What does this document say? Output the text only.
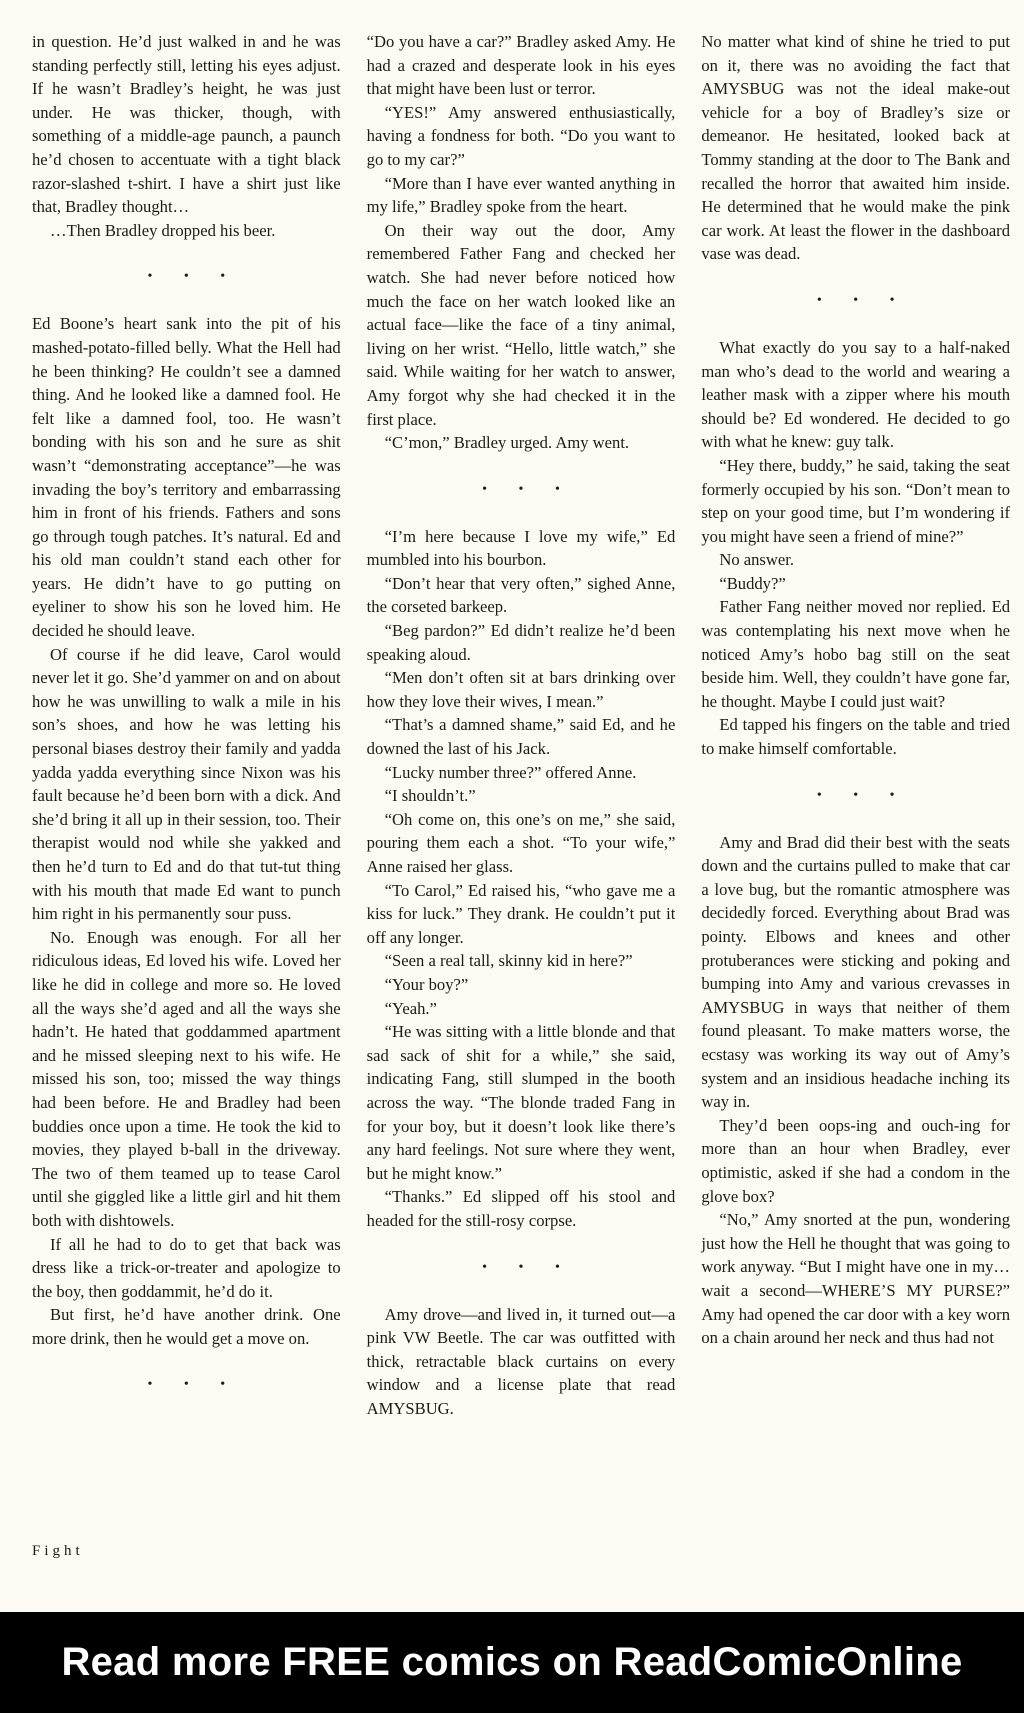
in question. He’d just walked in and he was standing perfectly still, letting his eyes adjust. If he wasn’t Bradley’s height, he was just under. He was thicker, though, with something of a middle-age paunch, a paunch he’d chosen to accentuate with a tight black razor-slashed t-shirt. I have a shirt just like that, Bradley thought…

…Then Bradley dropped his beer.

• • •

Ed Boone’s heart sank into the pit of his mashed-potato-filled belly. What the Hell had he been thinking? He couldn’t see a damned thing. And he looked like a damned fool. He felt like a damned fool, too. He wasn’t bonding with his son and he sure as shit wasn’t “demonstrating acceptance”—he was invading the boy’s territory and embarrassing him in front of his friends. Fathers and sons go through tough patches. It’s natural. Ed and his old man couldn’t stand each other for years. He didn’t have to go putting on eyeliner to show his son he loved him. He decided he should leave.

Of course if he did leave, Carol would never let it go. She’d yammer on and on about how he was unwilling to walk a mile in his son’s shoes, and how he was letting his personal biases destroy their family and yadda yadda yadda everything since Nixon was his fault because he’d been born with a dick. And she’d bring it all up in their session, too. Their therapist would nod while she yakked and then he’d turn to Ed and do that tut-tut thing with his mouth that made Ed want to punch him right in his permanently sour puss.

No. Enough was enough. For all her ridiculous ideas, Ed loved his wife. Loved her like he did in college and more so. He loved all the ways she’d aged and all the ways she hadn’t. He hated that goddammed apartment and he missed sleeping next to his wife. He missed his son, too; missed the way things had been before. He and Bradley had been buddies once upon a time. He took the kid to movies, they played b-ball in the driveway. The two of them teamed up to tease Carol until she giggled like a little girl and hit them both with dishtowels.

If all he had to do to get that back was dress like a trick-or-treater and apologize to the boy, then goddammit, he’d do it.

But first, he’d have another drink. One more drink, then he would get a move on.

• • •

“Do you have a car?” Bradley asked Amy. He had a crazed and desperate look in his eyes that might have been lust or terror.

“YES!” Amy answered enthusiastically, having a fondness for both. “Do you want to go to my car?”

“More than I have ever wanted anything in my life,” Bradley spoke from the heart.

On their way out the door, Amy remembered Father Fang and checked her watch. She had never before noticed how much the face on her watch looked like an actual face—like the face of a tiny animal, living on her wrist. “Hello, little watch,” she said. While waiting for her watch to answer, Amy forgot why she had checked it in the first place.

“C’mon,” Bradley urged. Amy went.

• • •

“I’m here because I love my wife,” Ed mumbled into his bourbon.

“Don’t hear that very often,” sighed Anne, the corseted barkeep.

“Beg pardon?” Ed didn’t realize he’d been speaking aloud.

“Men don’t often sit at bars drinking over how they love their wives, I mean.”

“That’s a damned shame,” said Ed, and he downed the last of his Jack.

“Lucky number three?” offered Anne.

“I shouldn’t.”

“Oh come on, this one’s on me,” she said, pouring them each a shot. “To your wife,” Anne raised her glass.

“To Carol,” Ed raised his, “who gave me a kiss for luck.” They drank. He couldn’t put it off any longer.

“Seen a real tall, skinny kid in here?”

“Your boy?”

“Yeah.”

“He was sitting with a little blonde and that sad sack of shit for a while,” she said, indicating Fang, still slumped in the booth across the way. “The blonde traded Fang in for your boy, but it doesn’t look like there’s any hard feelings. Not sure where they went, but he might know.”

“Thanks.” Ed slipped off his stool and headed for the still-rosy corpse.

• • •

Amy drove—and lived in, it turned out—a pink VW Beetle. The car was outfitted with thick, retractable black curtains on every window and a license plate that read AMYSBUG.

No matter what kind of shine he tried to put on it, there was no avoiding the fact that AMYSBUG was not the ideal make-out vehicle for a boy of Bradley’s size or demeanor. He hesitated, looked back at Tommy standing at the door to The Bank and recalled the horror that awaited him inside. He determined that he would make the pink car work. At least the flower in the dashboard vase was dead.

• • •

What exactly do you say to a half-naked man who’s dead to the world and wearing a leather mask with a zipper where his mouth should be? Ed wondered. He decided to go with what he knew: guy talk.

“Hey there, buddy,” he said, taking the seat formerly occupied by his son. “Don’t mean to step on your good time, but I’m wondering if you might have seen a friend of mine?”

No answer.

“Buddy?”

Father Fang neither moved nor replied. Ed was contemplating his next move when he noticed Amy’s hobo bag still on the seat beside him. Well, they couldn’t have gone far, he thought. Maybe I could just wait?

Ed tapped his fingers on the table and tried to make himself comfortable.

• • •

Amy and Brad did their best with the seats down and the curtains pulled to make that car a love bug, but the romantic atmosphere was decidedly forced. Everything about Brad was pointy. Elbows and knees and other protuberances were sticking and poking and bumping into Amy and various crevasses in AMYSBUG in ways that neither of them found pleasant. To make matters worse, the ecstasy was working its way out of Amy’s system and an insidious headache inching its way in.

They’d been oops-ing and ouch-ing for more than an hour when Bradley, ever optimistic, asked if she had a condom in the glove box?

“No,” Amy snorted at the pun, wondering just how the Hell he thought that was going to work anyway. “But I might have one in my… wait a second—WHERE’S MY PURSE?” Amy had opened the car door with a key worn on a chain around her neck and thus had not

Fight
Read more FREE comics on ReadComicOnline
